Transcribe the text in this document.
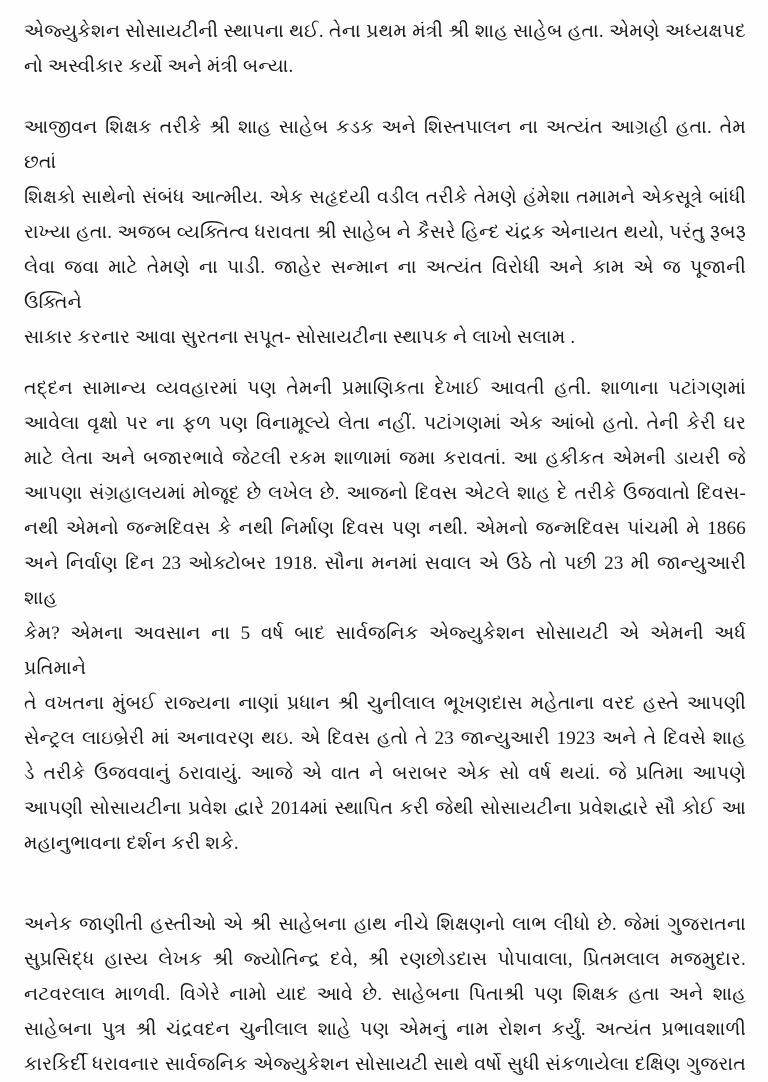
એજ્યુકેશન સોસાયટીની સ્થાપના થઈ. તેના પ્રથમ મંત્રી શ્રી શાહ સાહેબ હતા. એમણે અધ્યક્ષપદ
નો અસ્વીકાર કર્યો અને મંત્રી બન્યા.
આજીવન શિક્ષક તરીકે શ્રી શાહ સાહેબ કડક અને શિસ્તપાલન ના અત્યંત આગ્રહી હતા. તેમ છતાં
શિક્ષકો સાથેનો સંબંધ આત્મીય. એક સહૃદયી વડીલ તરીકે તેમણે હંમેશા તમામને એકસૂત્રે બાંધી
રાખ્યા હતા. અજબ વ્યક્તિત્વ ધરાવતા શ્રી સાહેબ ને કૈસરે હિન્દ ચંદ્રક એનાયત થયો, પરંતુ રૂબરૂ
લેવા જવા માટે તેમણે ના પાડી. જાહેર સન્માન ના અત્યંત વિરોધી અને કામ એ જ પૂજાની ઉક્તિને
સાકાર કરનાર આવા સુરતના સપૂત- સોસાયટીના સ્થાપક ને લાખો સલામ .
તદ્દન સામાન્ય વ્યવહારમાં પણ તેમની પ્રમાણિકતા દેખાઈ આવતી હતી. શાળાના પટાંગણમાં
આવેલા વૃક્ષો પર ના ફળ પણ વિનામૂલ્યે લેતા નહીં. પટાંગણમાં એક આંબો હતો. તેની કેરી ઘર
માટે લેતા અને બજારભાવે જેટલી રકમ શાળામાં જમા કરાવતાં. આ હકીકત એમની ડાયરી જે
આપણા સંગ્રહાલયમાં મોજૂદ છે લખેલ છે. આજનો દિવસ એટલે શાહ દે તરીકે ઉજવાતો દિવસ-
નથી એમનો જન્મદિવસ કે નથી નિર્માણ દિવસ પણ નથી. એમનો જન્મદિવસ પાંચમી મે 1866
અને નિર્વાણ દિન 23 ઓક્ટોબર 1918. સૌના મનમાં સવાલ એ ઉઠે તો પછી 23 મી જાન્યુઆરી શાહ
કેમ? એમના અવસાન ના 5 વર્ષ બાદ સાર્વજનિક એજ્યુકેશન સોસાયટી એ એમની અર્ધ પ્રતિમાને
તે વખતના મુંબઈ રાજ્યના નાણાં પ્રધાન શ્રી ચુનીલાલ ભૂખણદાસ મહેતાના વરદ હસ્તે આપણી
સેન્ટ્રલ લાઇબ્રેરી માં અનાવરણ થઇ. એ દિવસ હતો તે 23 જાન્યુઆરી 1923 અને તે દિવસે શાહ
ડે તરીકે ઉજવવાનું ઠરાવાયું. આજે એ વાત ને બરાબર એક સો વર્ષ થયાં. જે પ્રતિમા આપણે
આપણી સોસાયટીના પ્રવેશ દ્વારે 2014માં સ્થાપિત કરી જેથી સોસાયટીના પ્રવેશદ્વારે સૌ કોઈ આ
મહાનુભાવના દર્શન કરી શકે.
અનેક જાણીતી હસ્તીઓ એ શ્રી સાહેબના હાથ નીચે શિક્ષણનો લાભ લીધો છે. જેમાં ગુજરાતના
સુપ્રસિદ્ધ હાસ્ય લેખક શ્રી જ્યોતિન્દ્ર દવે, શ્રી રણછોડદાસ પોપાવાલા, પ્રિતમલાલ મજમુદાર.
નટવરલાલ માળવી. વિગેરે નામો યાદ આવે છે. સાહેબના પિતાશ્રી પણ શિક્ષક હતા અને શાહ
સાહેબના પુત્ર શ્રી ચંદ્રવદન ચુનીલાલ શાહે પણ એમનું નામ રોશન કર્યું. અત્યંત પ્રભાવશાળી
કારકિર્દી ધરાવનાર સાર્વજનિક એજ્યુકેશન સોસાયટી સાથે વર્ષો સુધી સંકળાયેલા દક્ષિણ ગુજરાત
